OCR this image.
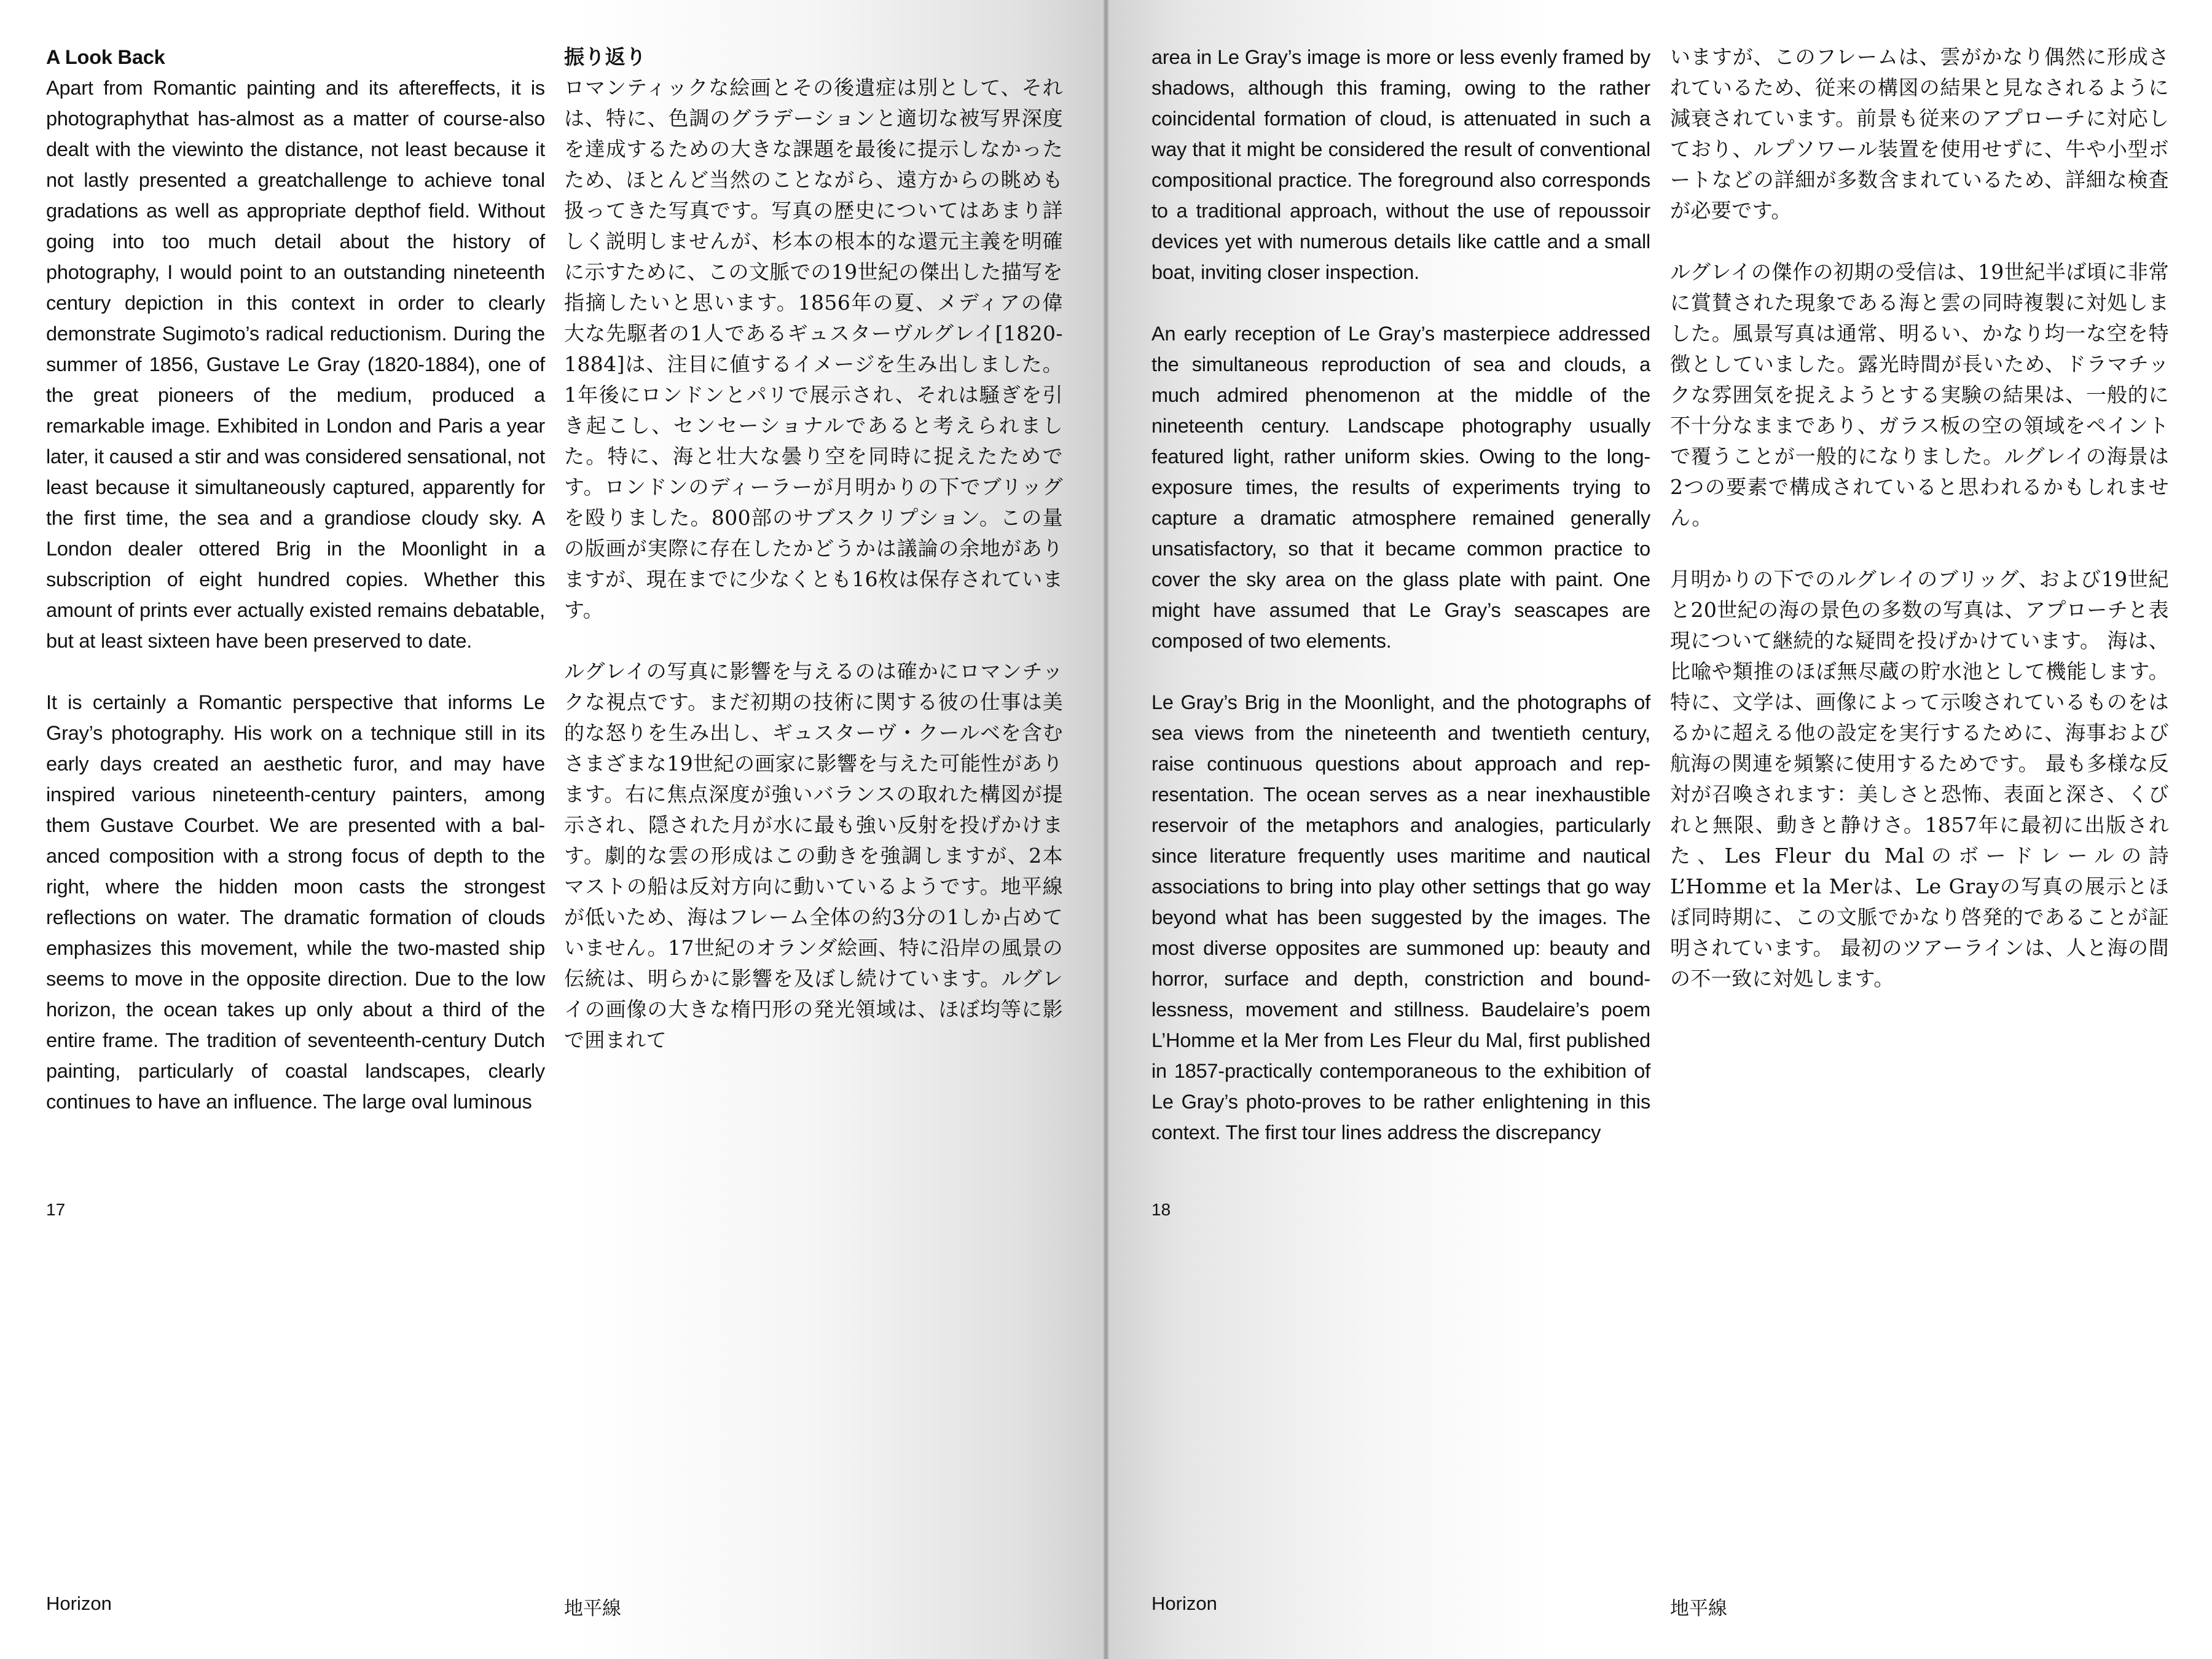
A Look Back
Apart from Romantic painting and its aftereffects, it is photographythat has-almost as a matter of course-also dealt with the viewinto the distance, not least because it not lastly presented a greatchallenge to achieve tonal gradations as well as appropriate depthof field. Without going into too much detail about the history of photography, I would point to an outstanding nineteenth century depiction in this context in order to clearly demonstrate Sugimoto’s radical reductionism. During the summer of 1856, Gustave Le Gray (1820-1884), one of the great pioneers of the medium, produced a remarkable image. Exhibited in London and Paris a year later, it caused a stir and was considered sensational, not least because it simultaneously captured, apparently for the first time, the sea and a grandiose cloudy sky. A London dealer ottered Brig in the Moonlight in a subscription of eight hundred copies. Whether this amount of prints ever actually existed remains debatable, but at least sixteen have been preserved to date.

It is certainly a Romantic perspective that informs Le Gray’s photography. His work on a technique still in its early days created an aesthetic furor, and may have inspired various nineteenth-century painters, among them Gustave Courbet. We are presented with a bal-anced composition with a strong focus of depth to the right, where the hidden moon casts the strongest reflections on water. The dramatic formation of clouds emphasizes this movement, while the two-masted ship seems to move in the opposite direction. Due to the low horizon, the ocean takes up only about a third of the entire frame. The tradition of seventeenth-century Dutch painting, particularly of coastal landscapes, clearly continues to have an influence. The large oval luminous

振り返り
ロマンティックな絵画とその後遺症は別として、それは、特に、色調のグラデーションと適切な被写界深度を達成するための大きな課題を最後に提示しなかったため、ほとんど当然のことながら、遠方からの眺めも扱ってきた写真です。写真の歴史についてはあまり詳しく説明しませんが、杉本の根本的な還元主義を明確に示すために、この文脈での19世紀の傑出した描写を指摘したいと思います。1856年の夏、メディアの偉大な先駆者の1人であるギュスターヴルグレイ[1820-1884]は、注目に値するイメージを生み出しました。1年後にロンドンとパリで展示され、それは騒ぎを引き起こし、センセーショナルであると考えられました。特に、海と壮大な曇り空を同時に捉えたためです。ロンドンのディーラーが月明かりの下でブリッグを殴りました。800部のサブスクリプション。この量の版画が実際に存在したかどうかは議論の余地がありますが、現在までに少なくとも16枚は保存されています。

ルグレイの写真に影響を与えるのは確かにロマンチックな視点です。まだ初期の技術に関する彼の仕事は美的な怒りを生み出し、ギュスターヴ・クールベを含むさまざまな19世紀の画家に影響を与えた可能性があります。右に焦点深度が強いバランスの取れた構図が提示され、隠された月が水に最も強い反射を投げかけます。劇的な雲の形成はこの動きを強調しますが、2本マストの船は反対方向に動いているようです。地平線が低いため、海はフレーム全体の約3分の1しか占めていません。17世紀のオランダ絵画、特に沿岸の風景の伝統は、明らかに影響を及ぼし続けています。ルグレイの画像の大きな楕円形の発光領域は、ほぼ均等に影で囲まれて

17
Horizon	地平線

area in Le Gray’s image is more or less evenly framed by shadows, although this framing, owing to the rather coincidental formation of cloud, is attenuated in such a way that it might be considered the result of conventional compositional practice. The foreground also corresponds to a traditional approach, without the use of repoussoir devices yet with numerous details like cattle and a small boat, inviting closer inspection.

An early reception of Le Gray’s masterpiece addressed the simultaneous reproduction of sea and clouds, a much admired phenomenon at the middle of the nineteenth century. Landscape photography usually featured light, rather uniform skies. Owing to the long-exposure times, the results of experiments trying to capture a dramatic atmosphere remained generally unsatisfactory, so that it became common practice to cover the sky area on the glass plate with paint. One might have assumed that Le Gray’s seascapes are composed of two elements.

Le Gray’s Brig in the Moonlight, and the photographs of sea views from the nineteenth and twentieth century, raise continuous questions about approach and rep-resentation. The ocean serves as a near inexhaustible reservoir of the metaphors and analogies, particularly since literature frequently uses maritime and nautical associations to bring into play other settings that go way beyond what has been suggested by the images. The most diverse opposites are summoned up: beauty and horror, surface and depth, constriction and bound-lessness, movement and stillness. Baudelaire’s poem L’Homme et la Mer from Les Fleur du Mal, first published in 1857-practically contemporaneous to the exhibition of Le Gray’s photo-proves to be rather enlightening in this context. The first tour lines address the discrepancy

いますが、このフレームは、雲がかなり偶然に形成されているため、従来の構図の結果と見なされるように減衰されています。前景も従来のアプローチに対応しており、ルプソワール装置を使用せずに、牛や小型ボートなどの詳細が多数含まれているため、詳細な検査が必要です。

ルグレイの傑作の初期の受信は、19世紀半ば頃に非常に賞賛された現象である海と雲の同時複製に対処しました。風景写真は通常、明るい、かなり均一な空を特徴としていました。露光時間が長いため、ドラマチックな雰囲気を捉えようとする実験の結果は、一般的に不十分なままであり、ガラス板の空の領域をペイントで覆うことが一般的になりました。ルグレイの海景は2つの要素で構成されていると思われるかもしれません。

月明かりの下でのルグレイのブリッグ、および19世紀と20世紀の海の景色の多数の写真は、アプローチと表現について継続的な疑問を投げかけています。 海は、比喩や類推のほぼ無尽蔵の貯水池として機能します。特に、文学は、画像によって示唆されているものをはるかに超える他の設定を実行するために、海事および航海の関連を頻繁に使用するためです。 最も多様な反対が召喚されます：美しさと恐怖、表面と深さ、くびれと無限、動きと静けさ。1857年に最初に出版された、Les Fleur du Malのボードレールの詩L’Homme et la Merは、Le Grayの写真の展示とほぼ同時期に、この文脈でかなり啓発的であることが証明されています。 最初のツアーラインは、人と海の間の不一致に対処します。

18
Horizon	地平線
